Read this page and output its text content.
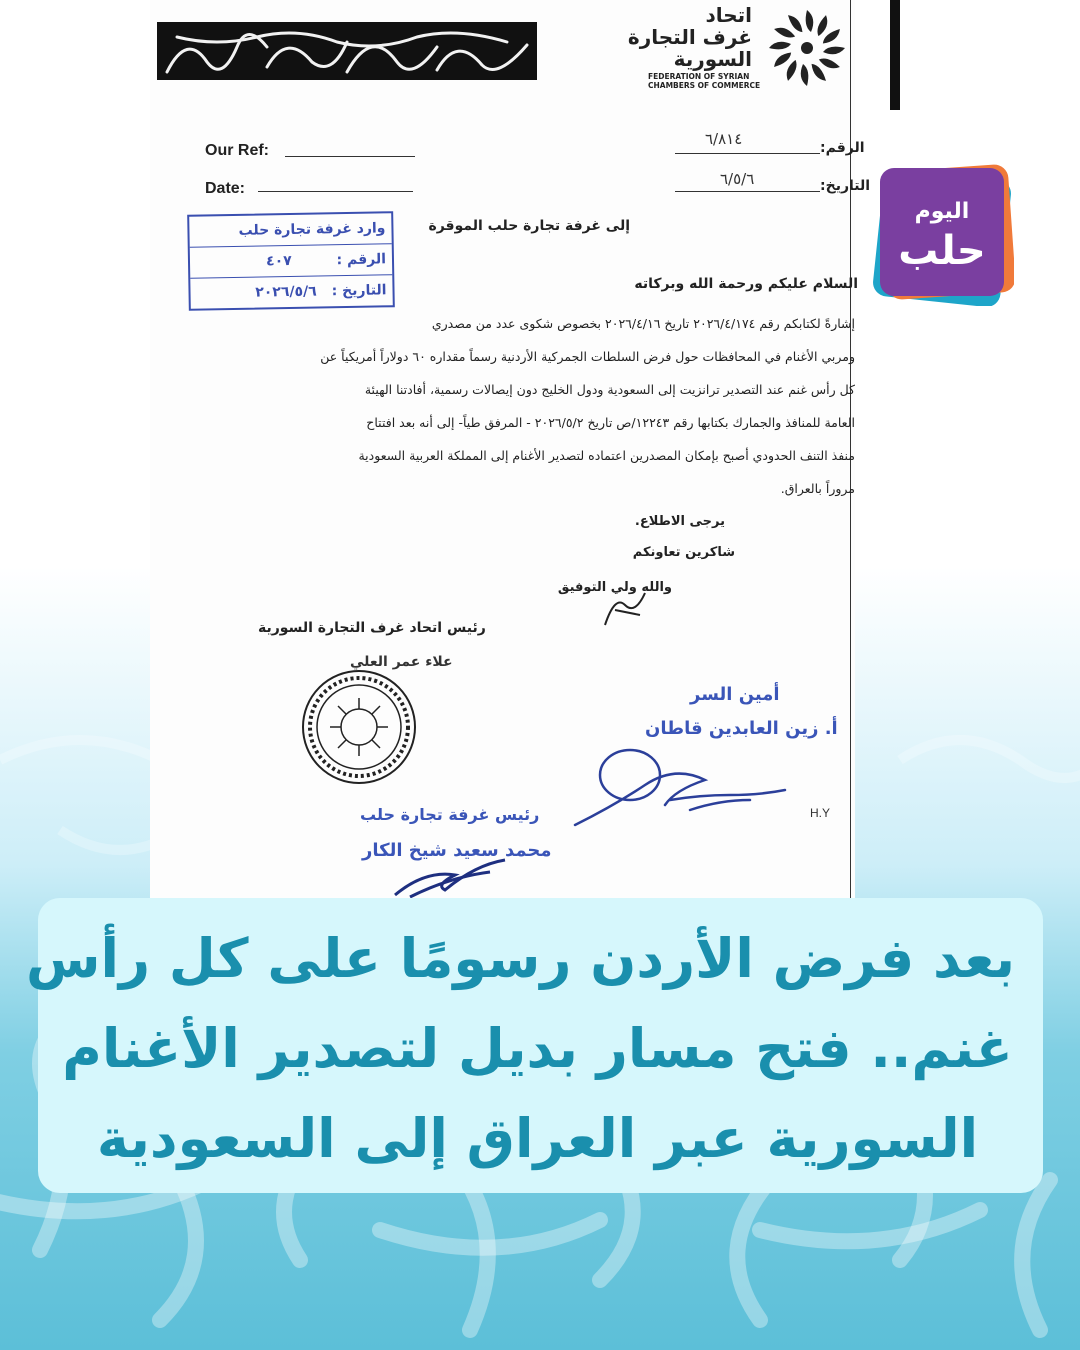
اتحاد
غرف التجارة
السورية
FEDERATION OF SYRIAN
CHAMBERS OF COMMERCE
Our Ref:
Date:
الرقم:
٦/٨١٤
التاريخ:
٦/٥/٦
وارد غرفة تجارة حلب
الرقم : ٤٠٧
التاريخ : ٢٠٢٦/٥/٦
إلى غرفة تجارة حلب الموقرة
السلام عليكم ورحمة الله وبركاته
إشارةً لكتابكم رقم ٢٠٢٦/٤/١٧٤ تاريخ ٢٠٢٦/٤/١٦ بخصوص شكوى عدد من مصدري
ومربي الأغنام في المحافظات حول فرض السلطات الجمركية الأردنية رسماً مقداره ٦٠ دولاراً أمريكياً عن
كل رأس غنم عند التصدير ترانزيت إلى السعودية ودول الخليج دون إيصالات رسمية، أفادتنا الهيئة
العامة للمنافذ والجمارك بكتابها رقم ١٢٢٤٣/ص تاريخ ٢٠٢٦/٥/٢ - المرفق طياً- إلى أنه بعد افتتاح
منفذ التنف الحدودي أصبح بإمكان المصدرين اعتماده لتصدير الأغنام إلى المملكة العربية السعودية
مروراً بالعراق.
يرجى الاطلاع.
شاكرين تعاونكم
والله ولي التوفيق
رئيس اتحاد غرف التجارة السورية
علاء عمر العلي
أمين السر
أ. زين العابدين قاطان
H.Y
رئيس غرفة تجارة حلب
محمد سعيد شيخ الكار
اليوم
حلب
بعد فرض الأردن رسومًا على كل رأس
غنم.. فتح مسار بديل لتصدير الأغنام
السورية عبر العراق إلى السعودية
